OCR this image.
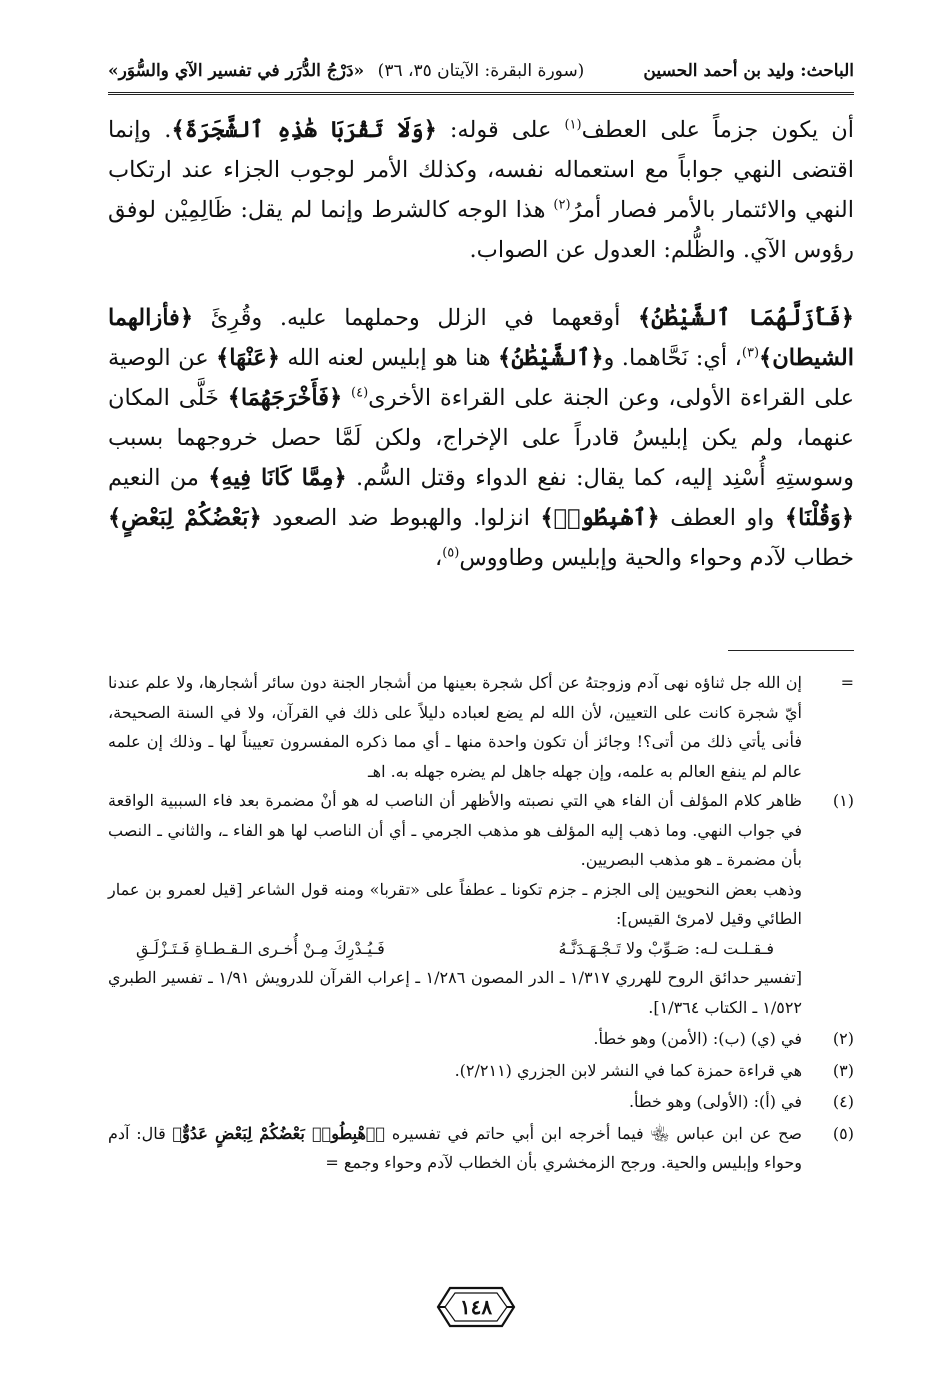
الباحث: وليد بن أحمد الحسين
(سورة البقرة: الآيتان ٣٥، ٣٦)
«دَرْجُ الدُّرَر في تفسير الآي والسُّوَر»

أن يكون جزماً على العطف$^{(١)}$ على قوله: ﴿وَلَا تَقْرَبَا هَٰذِهِ ٱلشَّجَرَةَ﴾. وإنما اقتضى النهي جواباً مع استعماله نفسه، وكذلك الأمر لوجوب الجزاء عند ارتكاب النهي والائتمار بالأمر فصار أمرُ$^{(٢)}$ هذا الوجه كالشرط وإنما لم يقل: ظَالِمِيْن لوفق رؤوس الآي. والظُّلم: العدول عن الصواب.

﴿فَأَزَلَّهُمَا ٱلشَّيْطَٰنُ﴾ أوقعهما في الزلل وحملهما عليه. وقُرِئَ ﴿فأزالهما الشيطان﴾$^{(٣)}$، أي: نَحَّاهما. و﴿ٱلشَّيْطَٰنُ﴾ هنا هو إبليس لعنه الله ﴿عَنْهَا﴾ عن الوصية على القراءة الأولى، وعن الجنة على القراءة الأخرى$^{(٤)}$ ﴿فَأَخْرَجَهُمَا﴾ خَلَّى المكان عنهما، ولم يكن إبليسُ قادراً على الإخراج، ولكن لَمَّا حصل خروجهما بسبب وسوستِهِ أُسْنِد إليه، كما يقال: نفع الدواء وقتل السُّم. ﴿مِمَّا كَانَا فِيهِ﴾ من النعيم ﴿وَقُلْنَا﴾ واو العطف ﴿ٱهْبِطُوا۟﴾ انزلوا. والهبوط ضد الصعود ﴿بَعْضُكُمْ لِبَعْضٍ﴾ خطاب لآدم وحواء والحية وإبليس وطاووس$^{(٥)}$،

=
إن الله جل ثناؤه نهى آدم وزوجتهُ عن أكل شجرة بعينها من أشجار الجنة دون سائر أشجارها، ولا علم عندنا أيّ شجرة كانت على التعيين، لأن الله لم يضع لعباده دليلاً على ذلك في القرآن، ولا في السنة الصحيحة، فأنى يأتي ذلك من أتى؟! وجائز أن تكون واحدة منها ـ أي مما ذكره المفسرون تعييناً لها ـ وذلك إن علمه عالم لم ينفع العالم به علمه، وإن جهله جاهل لم يضره جهله به. اهـ
(١)

ظاهر كلام المؤلف أن الفاء هي التي نصبته والأظهر أن الناصب له هو أنْ مضمرة بعد فاء السببية الواقعة في جواب النهي. وما ذهب إليه المؤلف هو مذهب الجرمي ـ أي أن الناصب لها هو الفاء ـ، والثاني ـ النصب بأن مضمرة ـ هو مذهب البصريين.

وذهب بعض النحويين إلى الجزم ـ جزم تكونا ـ عطفاً على «تقربا» ومنه قول الشاعر [قيل لعمرو بن عمار الطائي وقيل لامرئ القيس]:

فـقـلـت لـه: صَـوِّبْ ولا تَـجْـهَـدَنَّـهُ
فَـيُـدْرِكَ مِـنْ أُخـرى الـقـطـاةِ فَـتَـزْلَـقِ

[تفسير حدائق الروح للهرري ١/٣١٧ ـ الدر المصون ١/٢٨٦ ـ إعراب القرآن للدرويش ١/٩١ ـ تفسير الطبري ١/٥٢٢ ـ الكتاب ١/٣٦٤].

(٢)
في (ي) (ب): (الأمن) وهو خطأ.
(٣)
هي قراءة حمزة كما في النشر لابن الجزري (٢/٢١١).
(٤)
في (أ): (الأولى) وهو خطأ.
(٥)
صح عن ابن عباس ﵄ فيما أخرجه ابن أبي حاتم في تفسيره ﴿ٱهْبِطُوا۟ بَعْضُكُمْ لِبَعْضٍ عَدُوٌّ﴾ قال: آدم وحواء وإبليس والحية. ورجح الزمخشري بأن الخطاب لآدم وحواء وجمع =
١٤٨
